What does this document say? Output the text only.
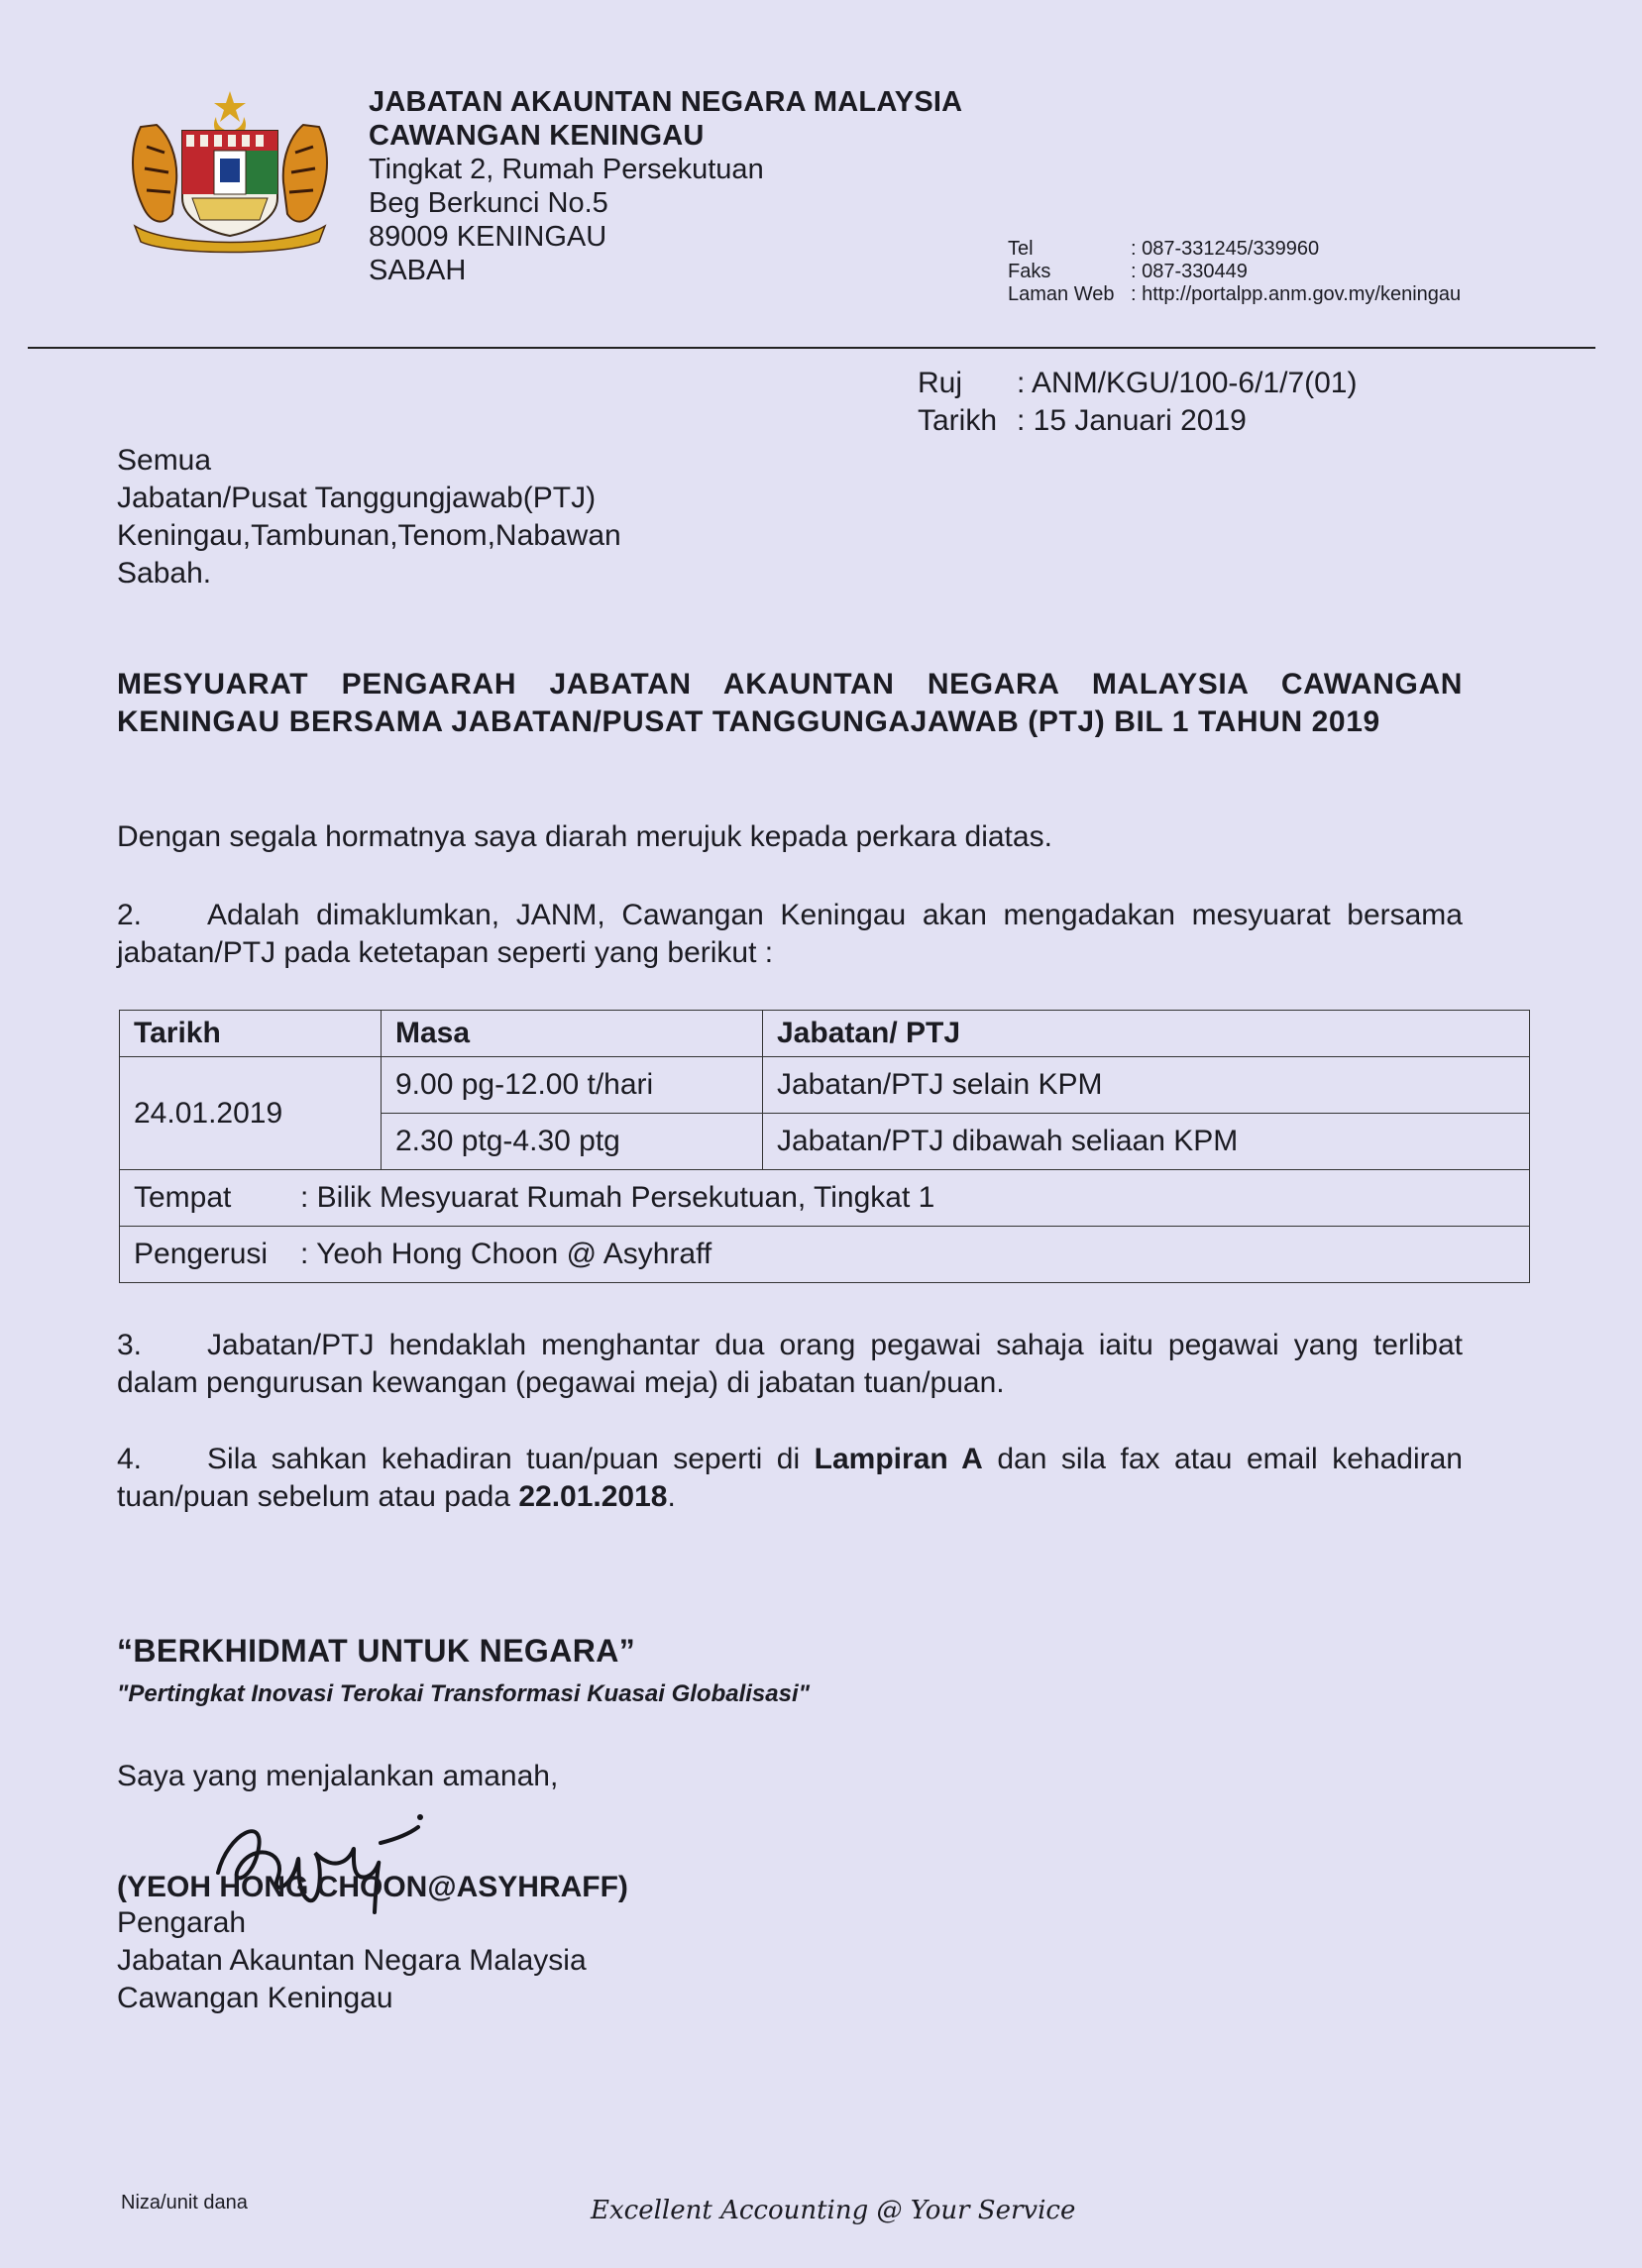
JABATAN AKAUNTAN NEGARA MALAYSIA
CAWANGAN KENINGAU
Tingkat 2, Rumah Persekutuan
Beg Berkunci No.5
89009 KENINGAU
SABAH
Tel	: 087-331245/339960
Faks	: 087-330449
Laman Web : http://portalpp.anm.gov.my/keningau
Ruj : ANM/KGU/100-6/1/7(01)
Tarikh : 15 Januari 2019
Semua
Jabatan/Pusat Tanggungjawab(PTJ)
Keningau,Tambunan,Tenom,Nabawan
Sabah.
MESYUARAT PENGARAH JABATAN AKAUNTAN NEGARA MALAYSIA CAWANGAN KENINGAU BERSAMA JABATAN/PUSAT TANGGUNGAJAWAB (PTJ) BIL 1 TAHUN 2019
Dengan segala hormatnya saya diarah merujuk kepada perkara diatas.
2. Adalah dimaklumkan, JANM, Cawangan Keningau akan mengadakan mesyuarat bersama jabatan/PTJ pada ketetapan seperti yang berikut :
Tarikh	Masa	Jabatan/ PTJ
24.01.2019	9.00 pg-12.00 t/hari	Jabatan/PTJ selain KPM
	2.30 ptg-4.30 ptg	Jabatan/PTJ dibawah seliaan KPM
Tempat : Bilik Mesyuarat Rumah Persekutuan, Tingkat 1		
Pengerusi : Yeoh Hong Choon @ Asyhraff		
3. Jabatan/PTJ hendaklah menghantar dua orang pegawai sahaja iaitu pegawai yang terlibat dalam pengurusan kewangan (pegawai meja) di jabatan tuan/puan.
4. Sila sahkan kehadiran tuan/puan seperti di Lampiran A dan sila fax atau email kehadiran tuan/puan sebelum atau pada 22.01.2018.
“BERKHIDMAT UNTUK NEGARA”
"Pertingkat Inovasi Terokai Transformasi Kuasai Globalisasi"
Saya yang menjalankan amanah,
(YEOH HONG CHOON@ASYHRAFF)
Pengarah
Jabatan Akauntan Negara Malaysia
Cawangan Keningau
Niza/unit dana	Excellent Accounting @ Your Service
